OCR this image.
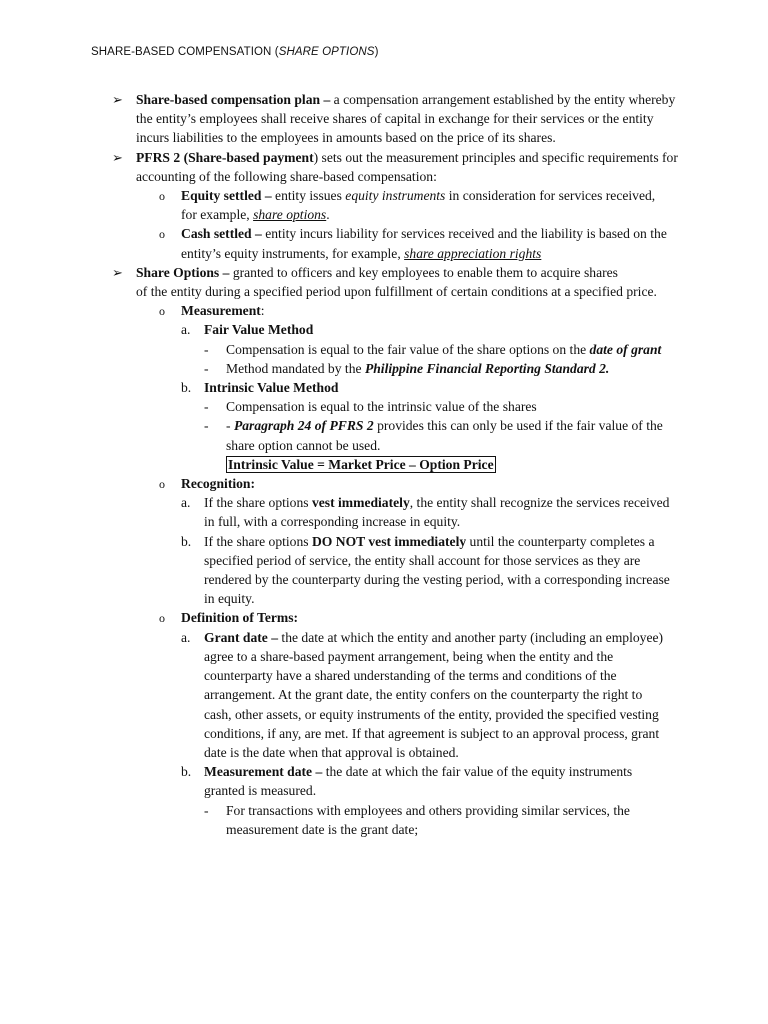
SHARE-BASED COMPENSATION (SHARE OPTIONS)
➢ Share-based compensation plan – a compensation arrangement established by the entity whereby the entity’s employees shall receive shares of capital in exchange for their services or the entity incurs liabilities to the employees in amounts based on the price of its shares.
➢ PFRS 2 (Share-based payment) sets out the measurement principles and specific requirements for accounting of the following share-based compensation:
o Equity settled – entity issues equity instruments in consideration for services received, for example, share options.
o Cash settled – entity incurs liability for services received and the liability is based on the entity’s equity instruments, for example, share appreciation rights
➢ Share Options – granted to officers and key employees to enable them to acquire shares
of the entity during a specified period upon fulfillment of certain conditions at a specified price.
o Measurement:
a. Fair Value Method
- Compensation is equal to the fair value of the share options on the date of grant
- Method mandated by the Philippine Financial Reporting Standard 2.
b. Intrinsic Value Method
- Compensation is equal to the intrinsic value of the shares
- - Paragraph 24 of PFRS 2 provides this can only be used if the fair value of the share option cannot be used.
Intrinsic Value = Market Price – Option Price
o Recognition:
a. If the share options vest immediately, the entity shall recognize the services received in full, with a corresponding increase in equity.
b. If the share options DO NOT vest immediately until the counterparty completes a specified period of service, the entity shall account for those services as they are rendered by the counterparty during the vesting period, with a corresponding increase in equity.
o Definition of Terms:
a. Grant date – the date at which the entity and another party (including an employee) agree to a share-based payment arrangement, being when the entity and the counterparty have a shared understanding of the terms and conditions of the arrangement. At the grant date, the entity confers on the counterparty the right to cash, other assets, or equity instruments of the entity, provided the specified vesting conditions, if any, are met. If that agreement is subject to an approval process, grant date is the date when that approval is obtained.
b. Measurement date – the date at which the fair value of the equity instruments granted is measured.
- For transactions with employees and others providing similar services, the measurement date is the grant date;
